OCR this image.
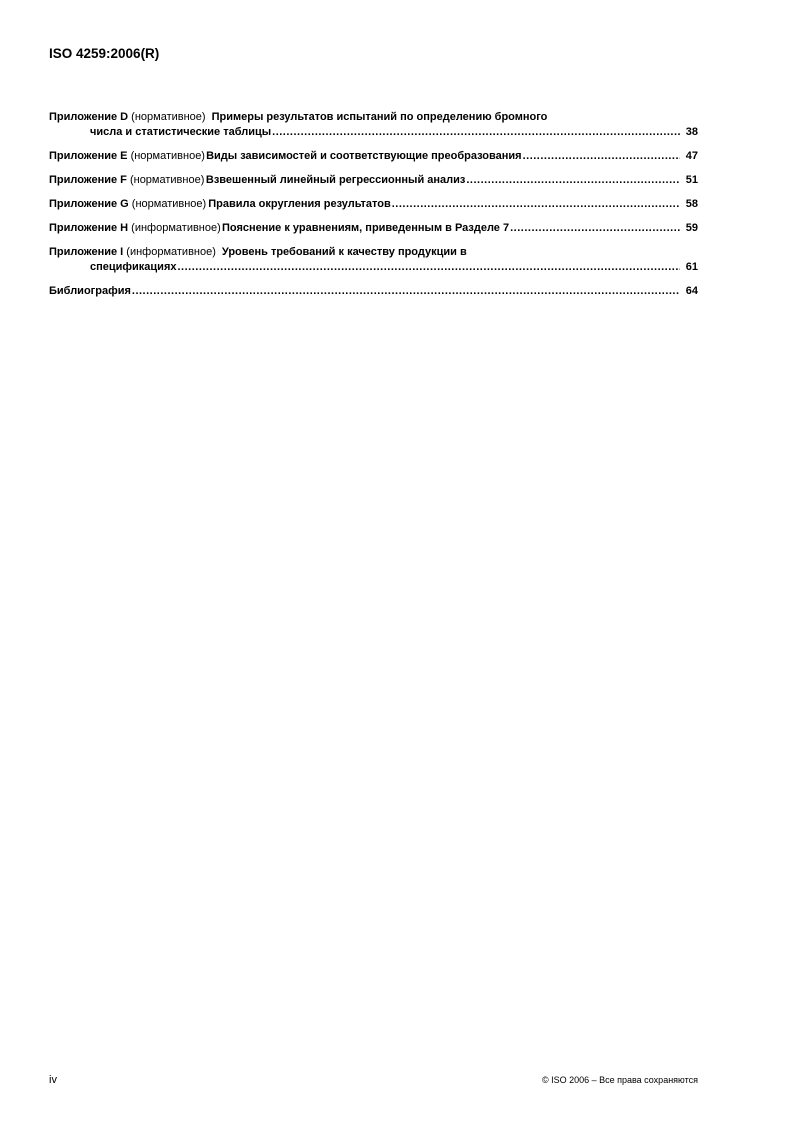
ISO 4259:2006(R)
Приложение D
(нормативное) Примеры результатов испытаний по определению бромного
числа и статистические таблицы .....	38
Приложение E
(нормативное) Виды зависимостей и соответствующие преобразования .....	47
Приложение F
(нормативное) Взвешенный линейный регрессионный анализ .....	51
Приложение G
(нормативное) Правила округления результатов .....	58
Приложение H
(информативное) Пояснение к уравнениям, приведенным в Разделе 7 .....	59
Приложение I
(информативное) Уровень требований к качеству продукции в
спецификациях .....	61
Библиография .....	64
iv	© ISO 2006 – Все права сохраняются
